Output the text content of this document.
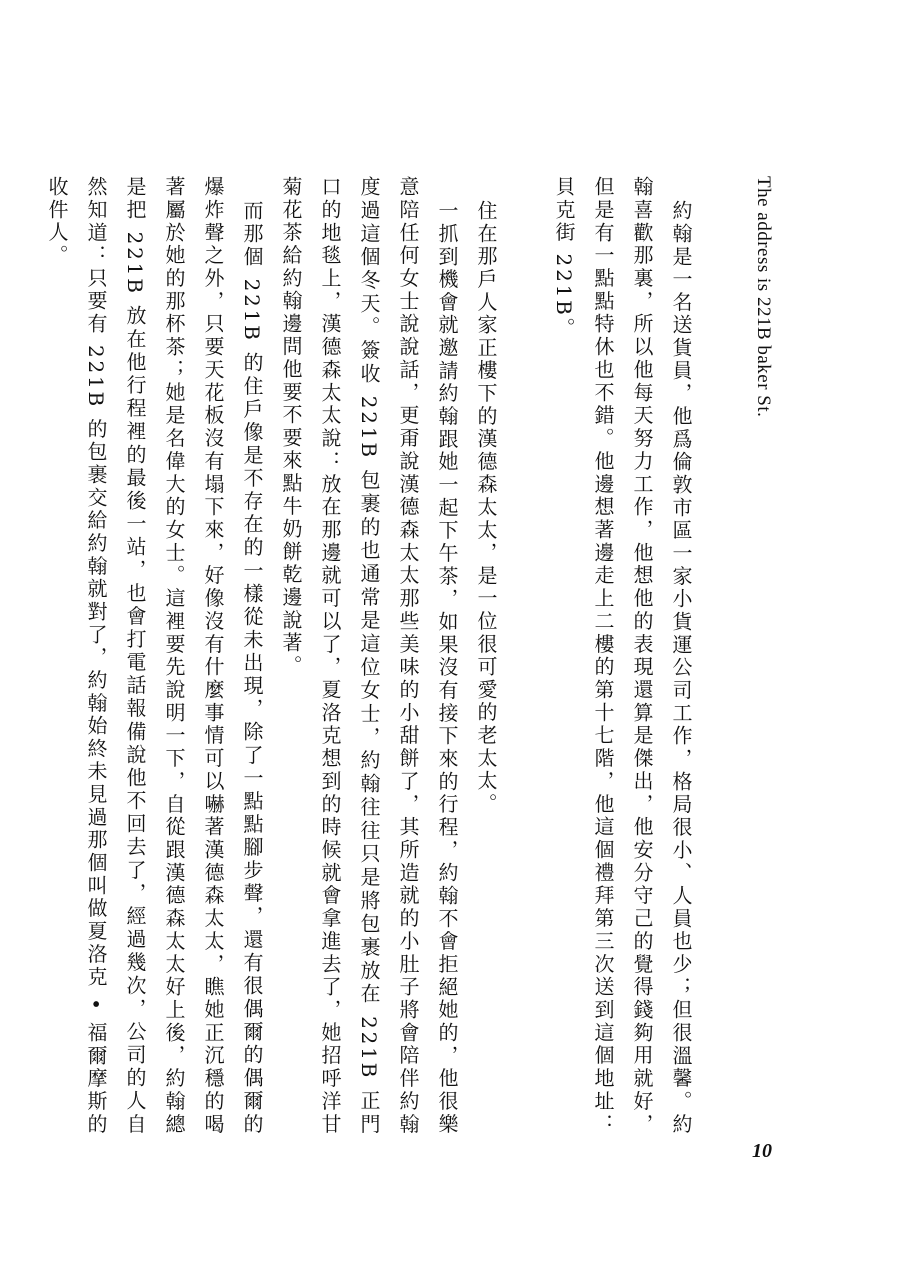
The address is 221B baker St.

約翰是一名送貨員，他爲倫敦市區一家小貨運公司工作，格局很小、人員也少；但很溫馨。約翰喜歡那裏，所以他每天努力工作，他想他的表現還算是傑出，他安分守己的覺得錢夠用就好，但是有一點點特休也不錯。他邊想著邊走上二樓的第十七階，他這個禮拜第三次送到這個地址：貝克街 221B。

住在那戶人家正樓下的漢德森太太，是一位很可愛的老太太。

一抓到機會就邀請約翰跟她一起下午茶，如果沒有接下來的行程，約翰不會拒絕她的，他很樂意陪任何女士說說話，更甭說漢德森太太那些美味的小甜餅了，其所造就的小肚子將會陪伴約翰度過這個冬天。簽收 221B 包裹的也通常是這位女士，約翰往往只是將包裹放在 221B 正門口的地毯上，漢德森太太說：放在那邊就可以了，夏洛克想到的時候就會拿進去了，她招呼洋甘菊花茶給約翰邊問他要不要來點牛奶餅乾邊說著。

而那個 221B 的住戶像是不存在的一樣從未出現，除了一點點腳步聲，還有很偶爾的偶爾的爆炸聲之外，只要天花板沒有塌下來，好像沒有什麼事情可以嚇著漢德森太太，瞧她正沉穩的喝著屬於她的那杯茶；她是名偉大的女士。這裡要先說明一下，自從跟漢德森太太好上後，約翰總是把 221B 放在他行程裡的最後一站，也會打電話報備說他不回去了，經過幾次，公司的人自然知道：只要有 221B 的包裹交給約翰就對了，約翰始終未見過那個叫做夏洛克 • 福爾摩斯的收件人。

10
